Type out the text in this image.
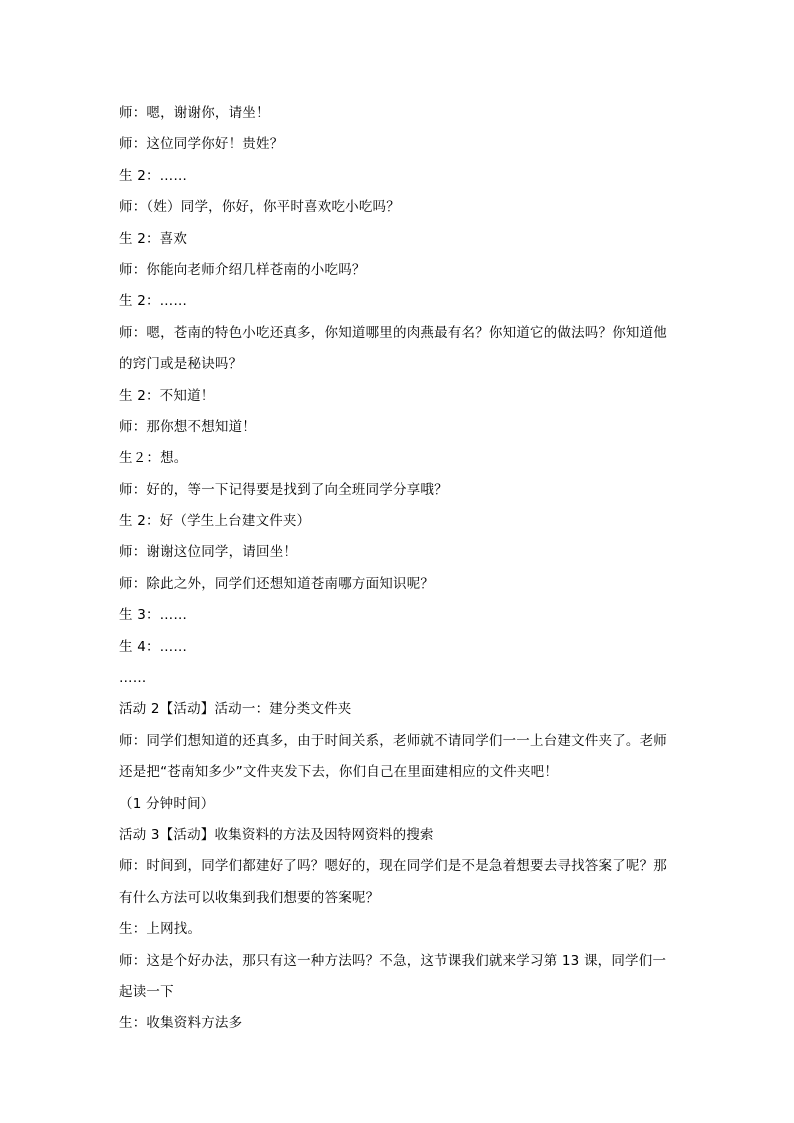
师：嗯，谢谢你，请坐！
师：这位同学你好！贵姓？
生 2：……
师：（姓）同学，你好，你平时喜欢吃小吃吗？
生 2：喜欢
师：你能向老师介绍几样苍南的小吃吗？
生 2：……
师：嗯，苍南的特色小吃还真多，你知道哪里的肉燕最有名？你知道它的做法吗？你知道他
的窍门或是秘诀吗？
生 2：不知道！
师：那你想不想知道！
生２：想。
师：好的，等一下记得要是找到了向全班同学分享哦？
生 2：好（学生上台建文件夹）
师：谢谢这位同学，请回坐！
师：除此之外，同学们还想知道苍南哪方面知识呢？
生 3：……
生 4：……
……
活动 2【活动】活动一：建分类文件夹
师：同学们想知道的还真多，由于时间关系，老师就不请同学们一一上台建文件夹了。老师
还是把“苍南知多少”文件夹发下去，你们自己在里面建相应的文件夹吧！
（1 分钟时间）
活动 3【活动】收集资料的方法及因特网资料的搜索
师：时间到，同学们都建好了吗？嗯好的，现在同学们是不是急着想要去寻找答案了呢？那
有什么方法可以收集到我们想要的答案呢？
生：上网找。
师：这是个好办法，那只有这一种方法吗？不急，这节课我们就来学习第 13 课，同学们一
起读一下
生：收集资料方法多
